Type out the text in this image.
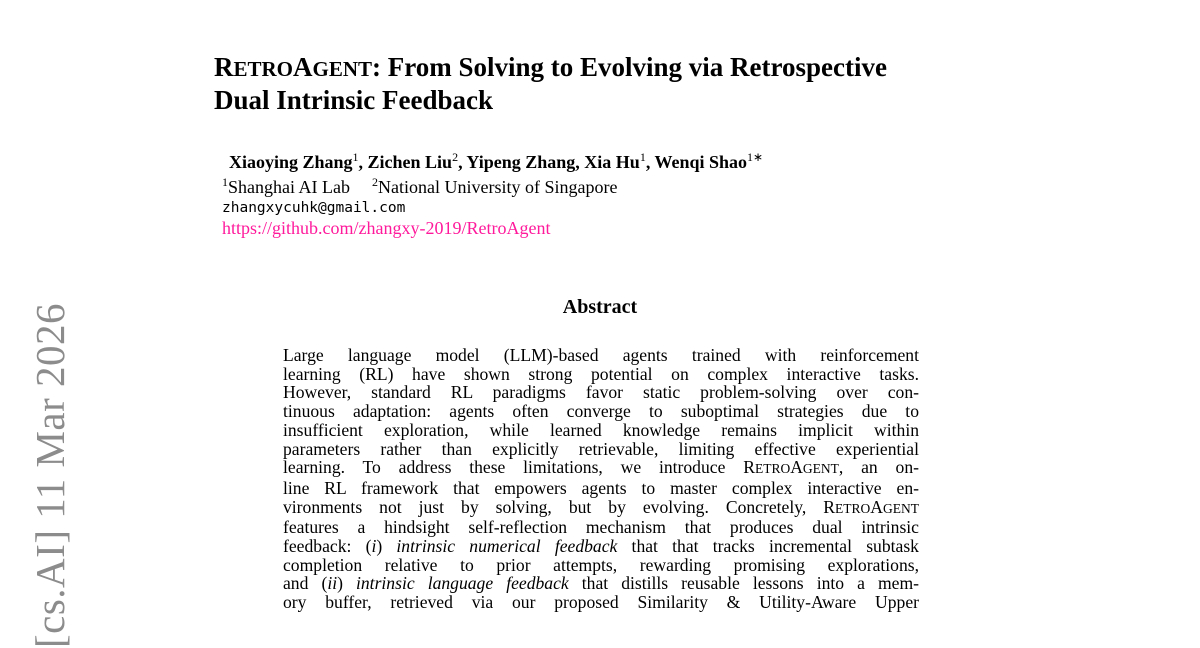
[cs.AI] 11 Mar 2026
RETROAGENT: From Solving to Evolving via Retrospective
Dual Intrinsic Feedback
Xiaoying Zhang$^1$, Zichen Liu$^2$, Yipeng Zhang, Xia Hu$^1$, Wenqi Shao$^{1∗}$
$^1$Shanghai AI Lab $^2$National University of Singapore
zhangxycuhk@gmail.com
https://github.com/zhangxy-2019/RetroAgent
Abstract
Large language model (LLM)-based agents trained with reinforcement
learning (RL) have shown strong potential on complex interactive tasks.
However, standard RL paradigms favor static problem-solving over con-
tinuous adaptation: agents often converge to suboptimal strategies due to
insufficient exploration, while learned knowledge remains implicit within
parameters rather than explicitly retrievable, limiting effective experiential
learning. To address these limitations, we introduce RETROAGENT, an on-
line RL framework that empowers agents to master complex interactive en-
vironments not just by solving, but by evolving. Concretely, RETROAGENT
features a hindsight self-reflection mechanism that produces dual intrinsic
feedback: (i) intrinsic numerical feedback that that tracks incremental subtask
completion relative to prior attempts, rewarding promising explorations,
and (ii) intrinsic language feedback that distills reusable lessons into a mem-
ory buffer, retrieved via our proposed Similarity & Utility-Aware Upper
